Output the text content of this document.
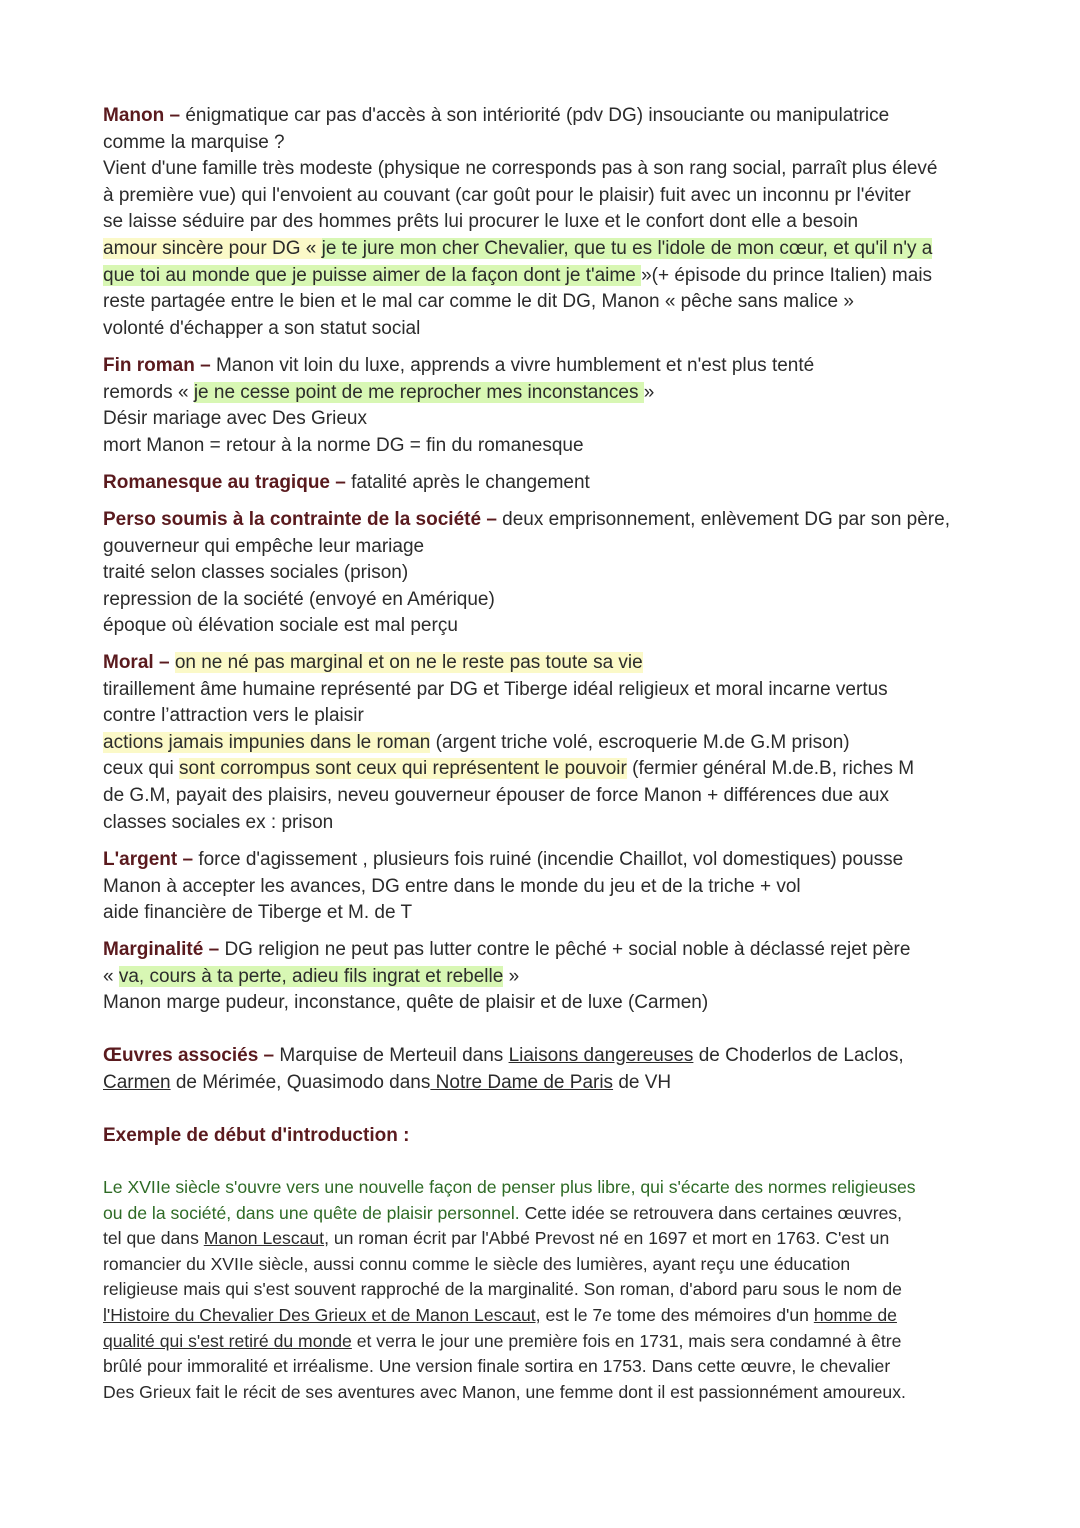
Manon – énigmatique car pas d'accès à son intériorité (pdv DG) insouciante ou manipulatrice
comme la marquise ?
Vient d'une famille très modeste (physique ne corresponds pas à son rang social, parraît plus élevé
à première vue) qui l'envoient au couvant (car goût pour le plaisir) fuit avec un inconnu pr l'éviter
se laisse séduire par des hommes prêts lui procurer le luxe et le confort dont elle a besoin
amour sincère pour DG « je te jure mon cher Chevalier, que tu es l'idole de mon cœur, et qu'il n'y a
que toi au monde que je puisse aimer de la façon dont je t'aime »(+ épisode du prince Italien) mais
reste partagée entre le bien et le mal car comme le dit DG, Manon « pêche sans malice »
volonté d'échapper a son statut social
Fin roman – Manon vit loin du luxe, apprends a vivre humblement et n'est plus tenté
remords « je ne cesse point de me reprocher mes inconstances »
Désir mariage avec Des Grieux
mort Manon = retour à la norme DG = fin du romanesque
Romanesque au tragique – fatalité après le changement
Perso soumis à la contrainte de la société – deux emprisonnement, enlèvement DG par son père,
gouverneur qui empêche leur mariage
traité selon classes sociales (prison)
repression de la société (envoyé en Amérique)
époque où élévation sociale est mal perçu
Moral – on ne né pas marginal et on ne le reste pas toute sa vie
tiraillement âme humaine représenté par DG et Tiberge idéal religieux et moral incarne vertus
contre l’attraction vers le plaisir
actions jamais impunies dans le roman (argent triche volé, escroquerie M.de G.M prison)
ceux qui sont corrompus sont ceux qui représentent le pouvoir (fermier général M.de.B, riches M
de G.M, payait des plaisirs, neveu gouverneur épouser de force Manon + différences due aux
classes sociales ex : prison
L'argent – force d'agissement , plusieurs fois ruiné (incendie Chaillot, vol domestiques) pousse
Manon à accepter les avances, DG entre dans le monde du jeu et de la triche + vol
aide financière de Tiberge et M. de T
Marginalité – DG religion ne peut pas lutter contre le pêché + social noble à déclassé rejet père
« va, cours à ta perte, adieu fils ingrat et rebelle »
Manon marge pudeur, inconstance, quête de plaisir et de luxe (Carmen)
Œuvres associés – Marquise de Merteuil dans Liaisons dangereuses de Choderlos de Laclos,
Carmen de Mérimée, Quasimodo dans Notre Dame de Paris de VH
Exemple de début d'introduction :
Le XVIIe siècle s'ouvre vers une nouvelle façon de penser plus libre, qui s'écarte des normes religieuses
ou de la société, dans une quête de plaisir personnel. Cette idée se retrouvera dans certaines œuvres,
tel que dans Manon Lescaut, un roman écrit par l'Abbé Prevost né en 1697 et mort en 1763. C'est un
romancier du XVIIe siècle, aussi connu comme le siècle des lumières, ayant reçu une éducation
religieuse mais qui s'est souvent rapproché de la marginalité. Son roman, d'abord paru sous le nom de
l'Histoire du Chevalier Des Grieux et de Manon Lescaut, est le 7e tome des mémoires d'un homme de
qualité qui s'est retiré du monde et verra le jour une première fois en 1731, mais sera condamné à être
brûlé pour immoralité et irréalisme. Une version finale sortira en 1753. Dans cette œuvre, le chevalier
Des Grieux fait le récit de ses aventures avec Manon, une femme dont il est passionnément amoureux.
